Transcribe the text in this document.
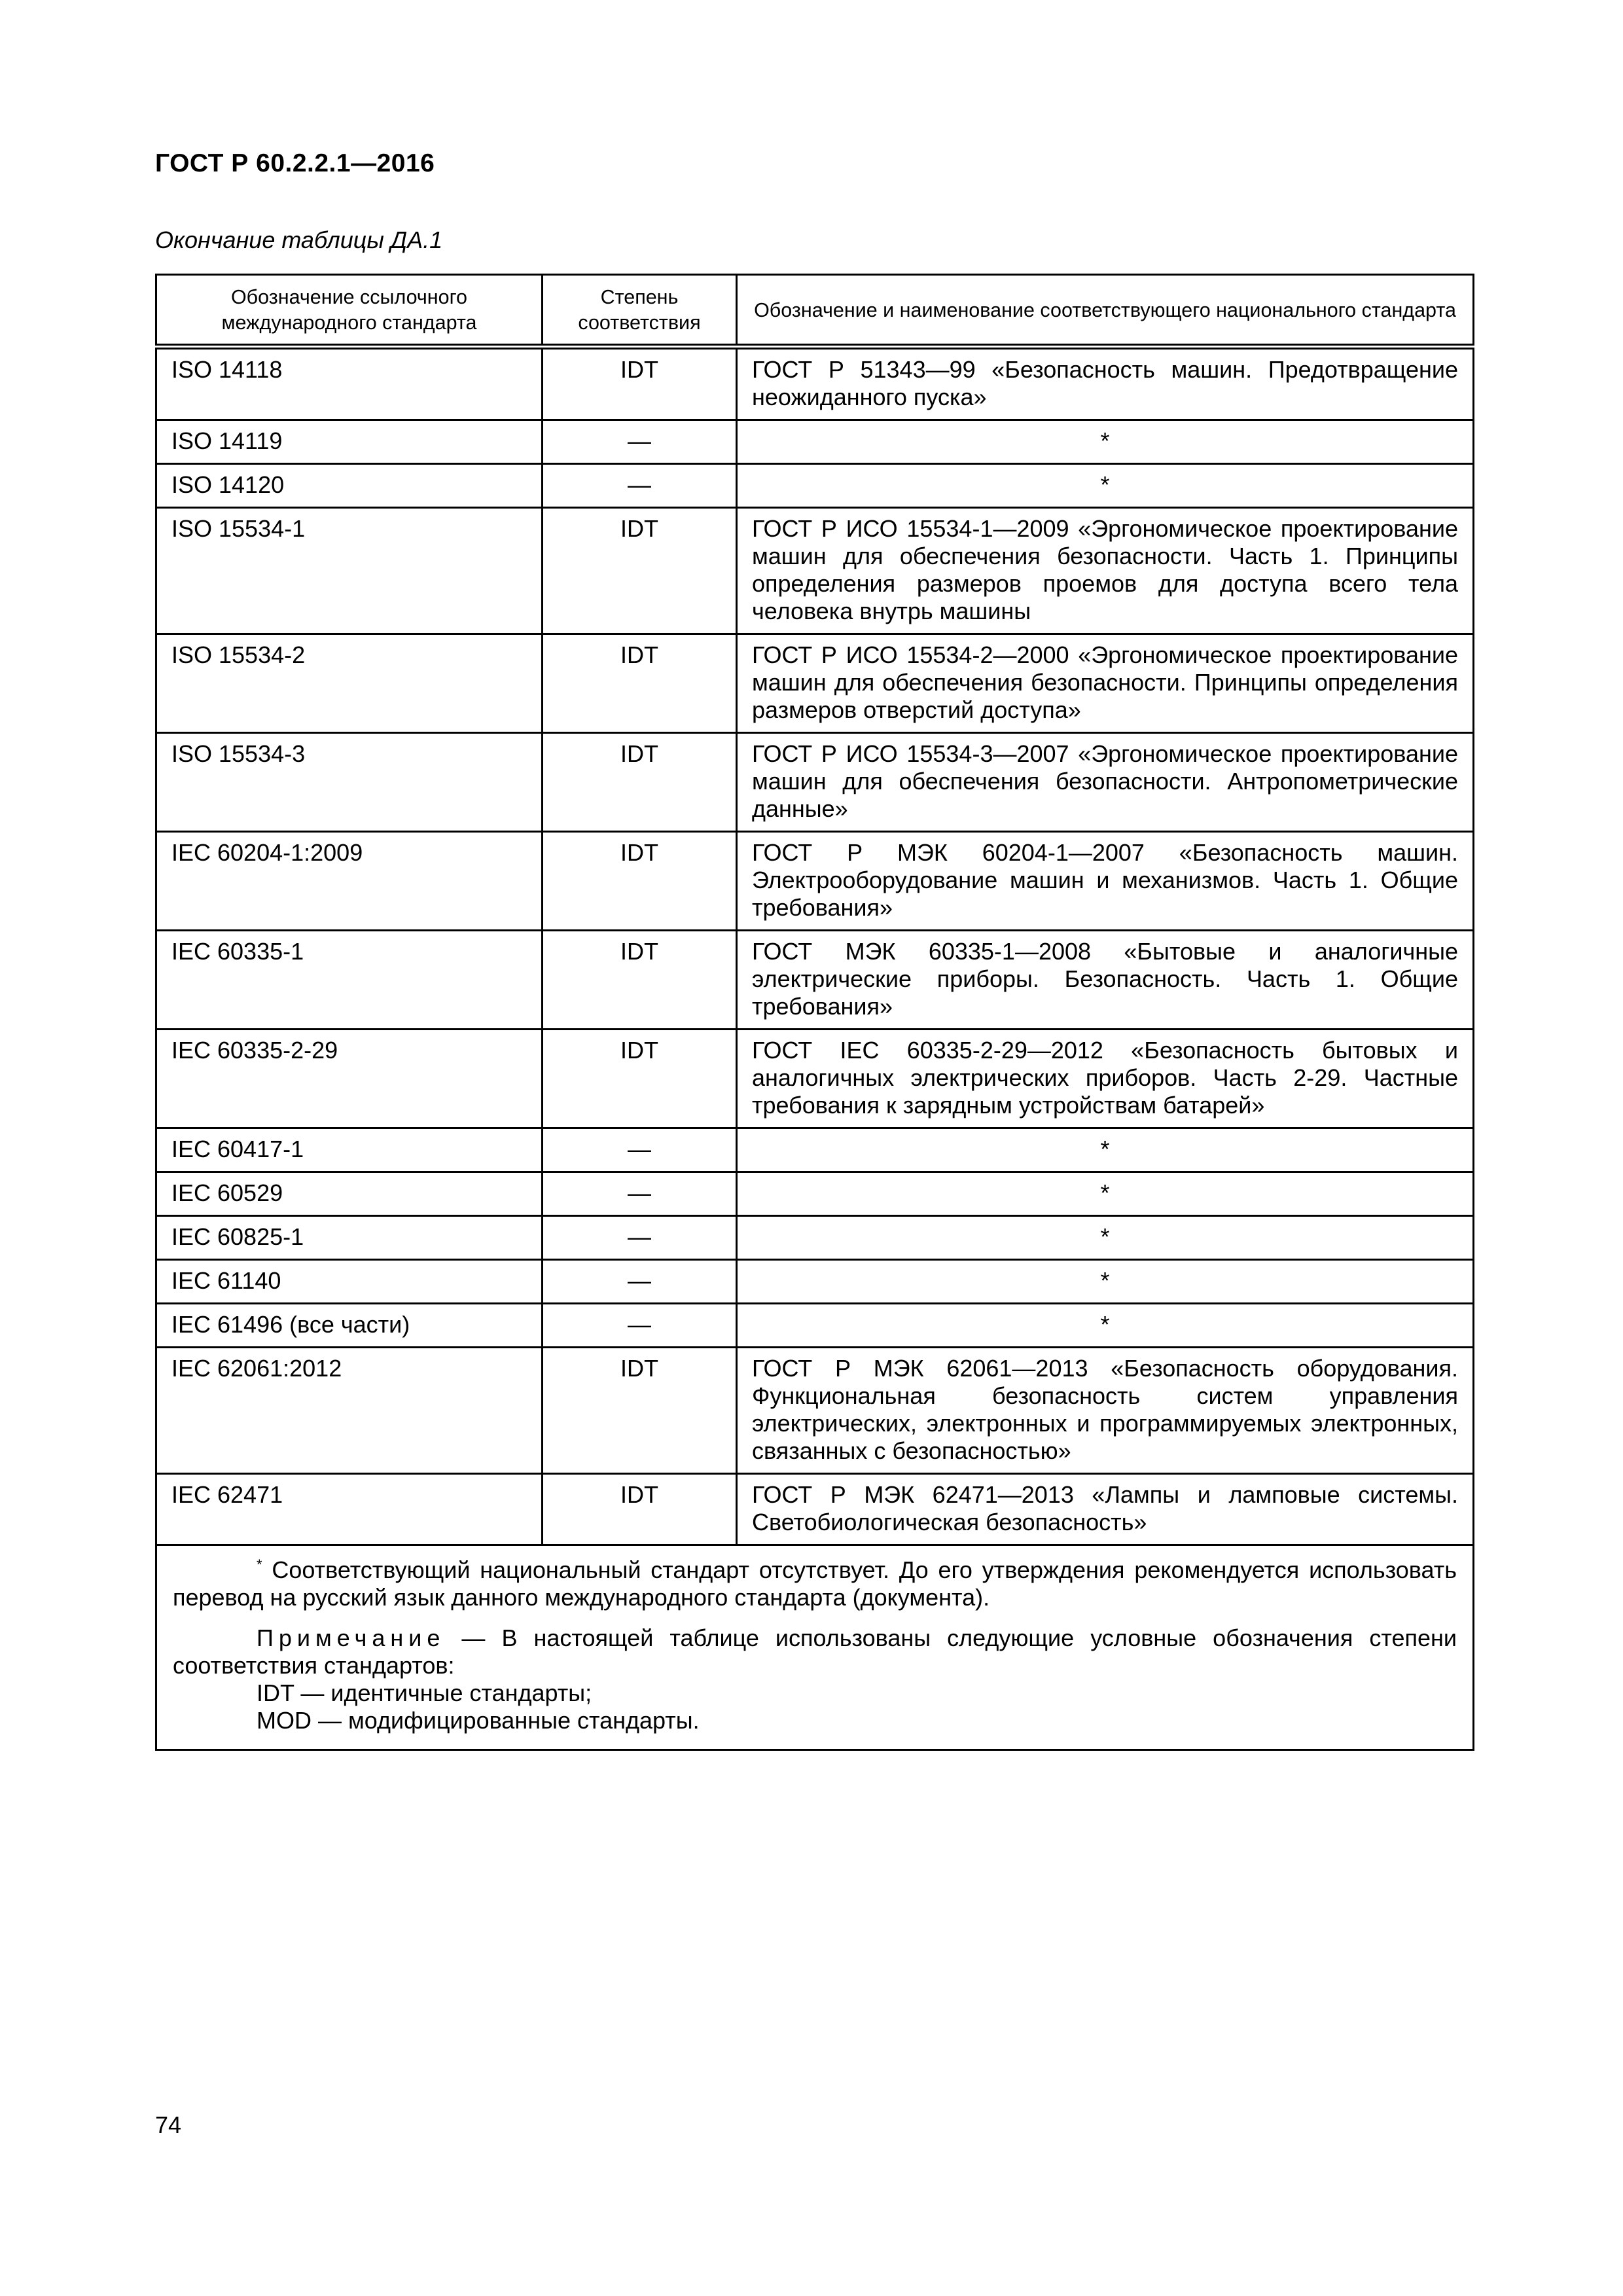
ГОСТ Р 60.2.2.1—2016
Окончание таблицы ДА.1
Обозначение ссылочного международного стандарта	Степень соответствия	Обозначение и наименование соответствующего национального стандарта
ISO 14118	IDT	ГОСТ Р 51343—99 «Безопасность машин. Предотвращение неожиданного пуска»
ISO 14119	—	*
ISO 14120	—	*
ISO 15534-1	IDT	ГОСТ Р ИСО 15534-1—2009 «Эргономическое проектирование машин для обеспечения безопасности. Часть 1. Принципы определения размеров проемов для доступа всего тела человека внутрь машины
ISO 15534-2	IDT	ГОСТ Р ИСО 15534-2—2000 «Эргономическое проектирование машин для обеспечения безопасности. Принципы определения размеров отверстий доступа»
ISO 15534-3	IDT	ГОСТ Р ИСО 15534-3—2007 «Эргономическое проектирование машин для обеспечения безопасности. Антропометрические данные»
IEC 60204-1:2009	IDT	ГОСТ Р МЭК 60204-1—2007 «Безопасность машин. Электрооборудование машин и механизмов. Часть 1. Общие требования»
IEC 60335-1	IDT	ГОСТ МЭК 60335-1—2008 «Бытовые и аналогичные электрические приборы. Безопасность. Часть 1. Общие требования»
IEC 60335-2-29	IDT	ГОСТ IEC 60335-2-29—2012 «Безопасность бытовых и аналогичных электрических приборов. Часть 2-29. Частные требования к зарядным устройствам батарей»
IEC 60417-1	—	*
IEC 60529	—	*
IEC 60825-1	—	*
IEC 61140	—	*
IEC 61496 (все части)	—	*
IEC 62061:2012	IDT	ГОСТ Р МЭК 62061—2013 «Безопасность оборудования. Функциональная безопасность систем управления электрических, электронных и программируемых электронных, связанных с безопасностью»
IEC 62471	IDT	ГОСТ Р МЭК 62471—2013 «Лампы и ламповые системы. Светобиологическая безопасность»

* Соответствующий национальный стандарт отсутствует. До его утверждения рекомендуется использовать перевод на русский язык данного международного стандарта (документа).

Примечание — В настоящей таблице использованы следующие условные обозначения степени соответствия стандартов:

IDT — идентичные стандарты;

MOD — модифицированные стандарты.		

74
